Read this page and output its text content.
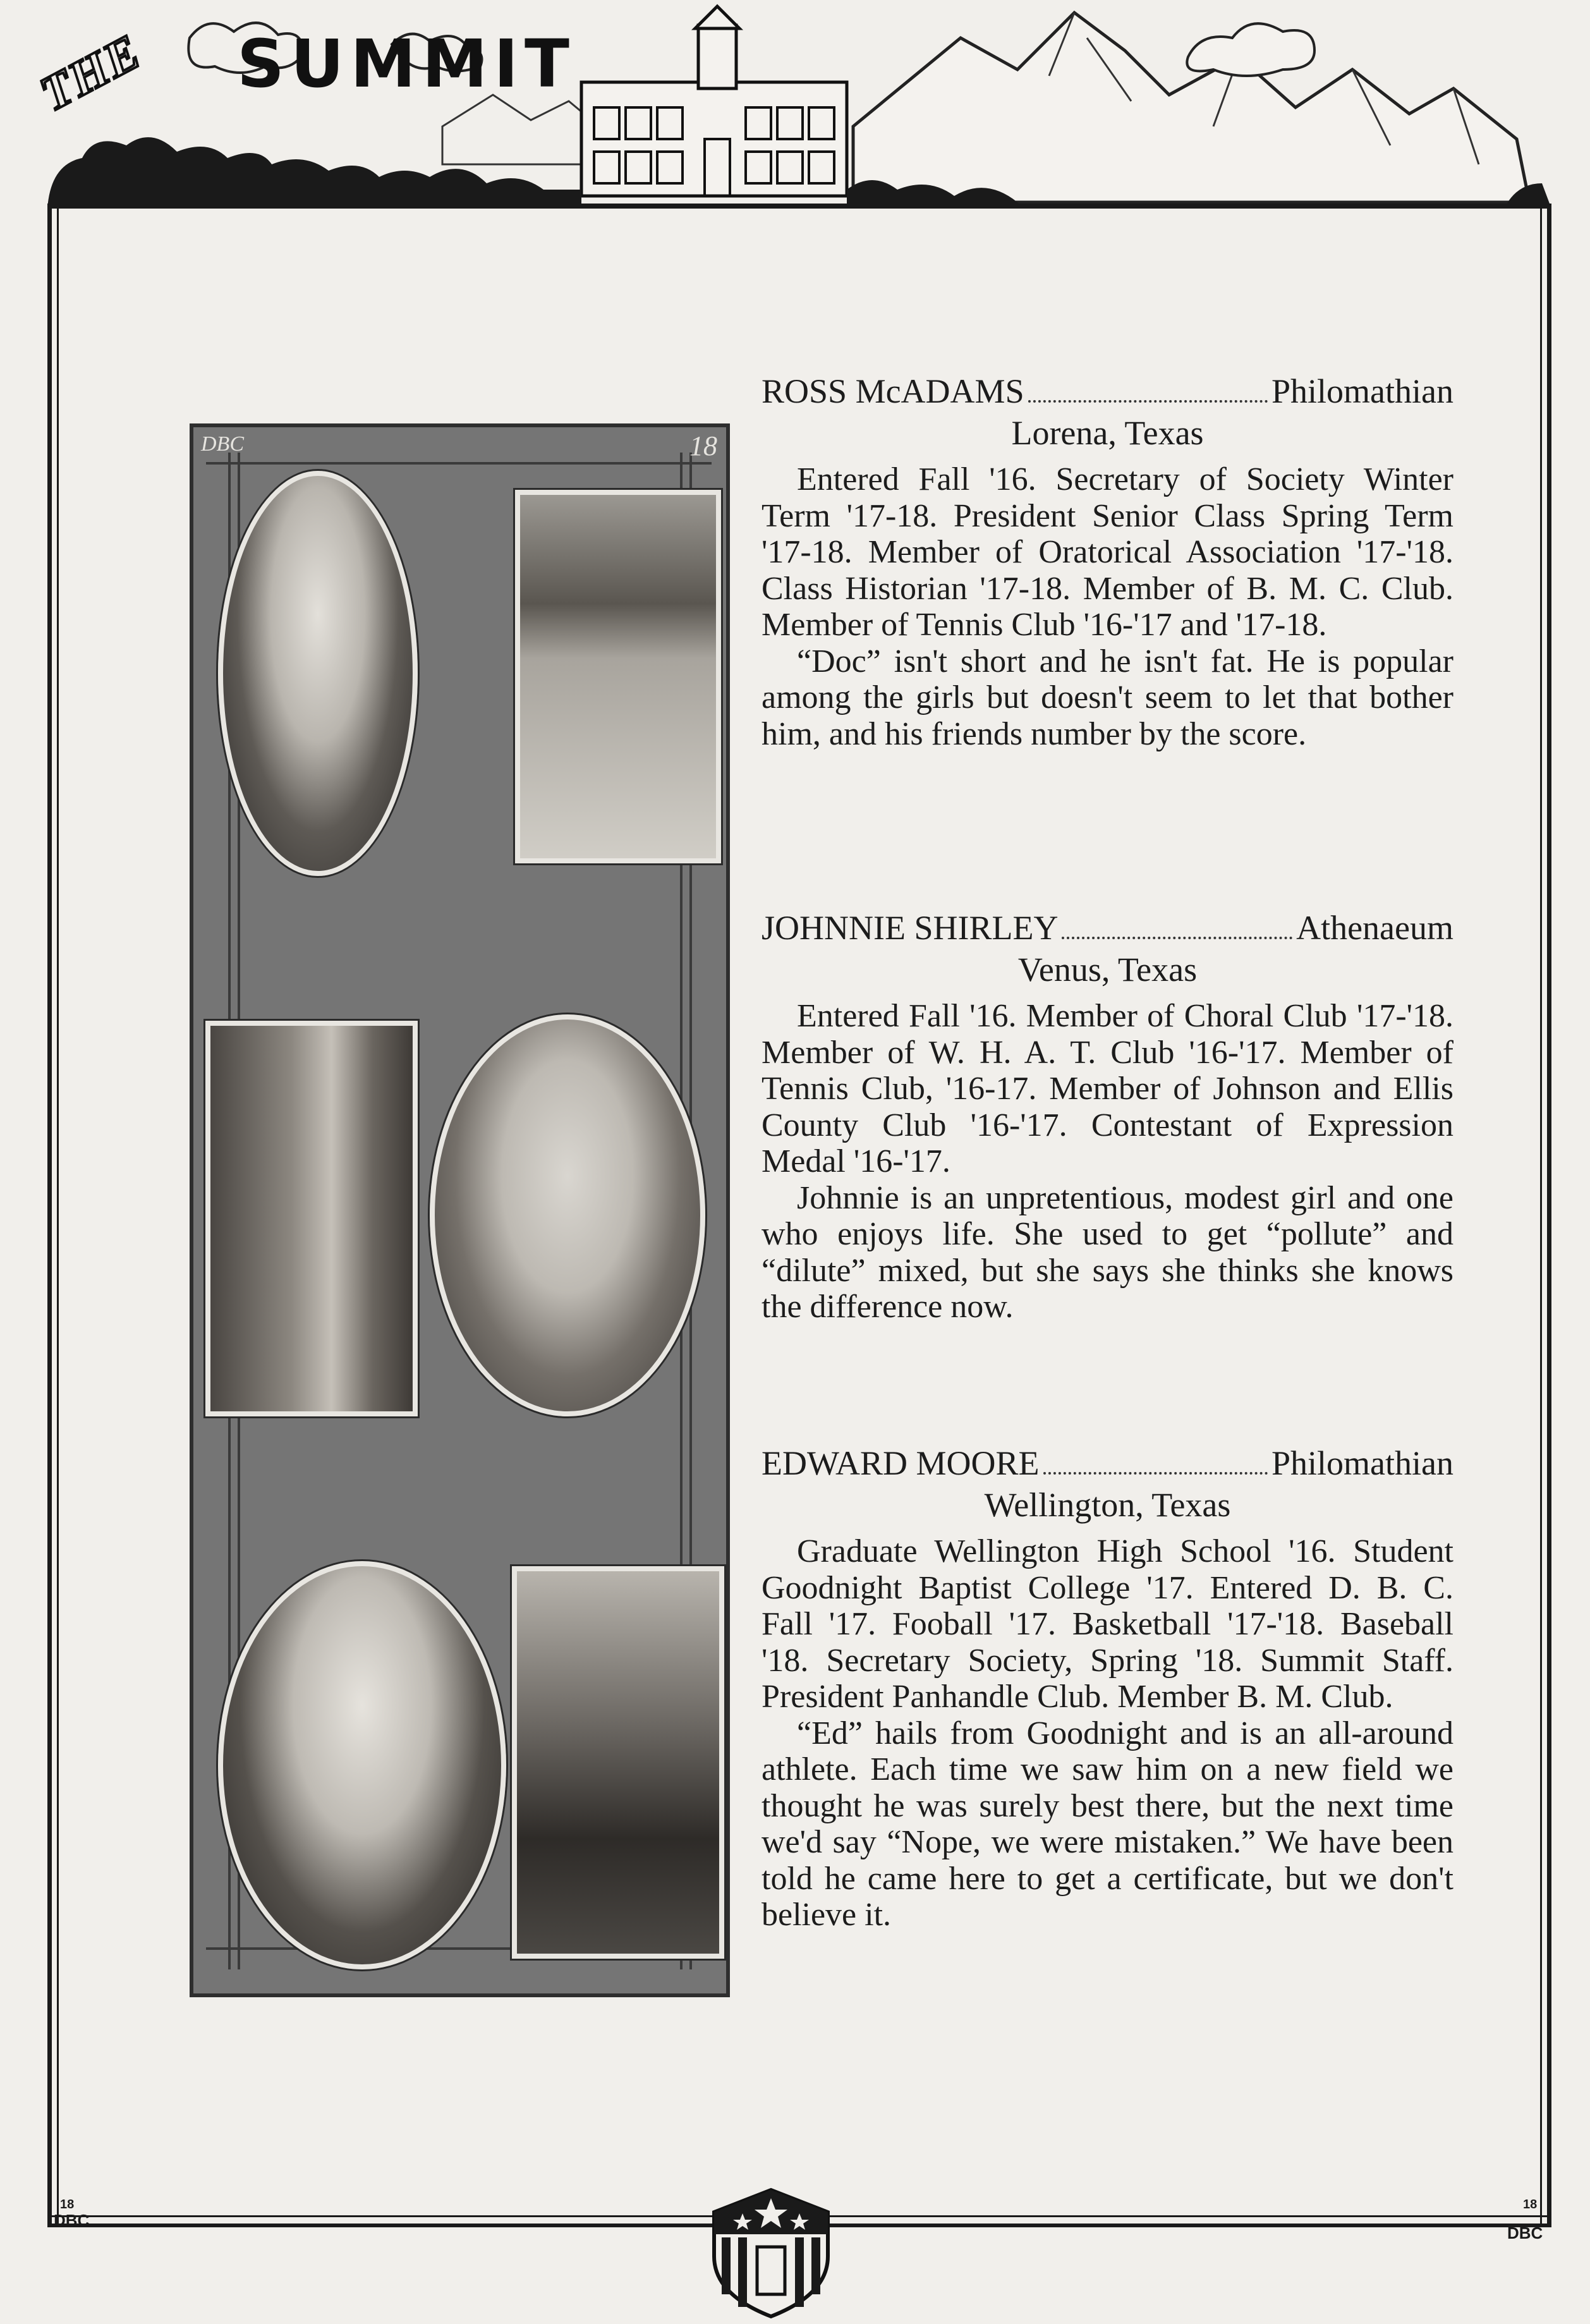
THE SUMMIT
18
DBC
18
DBC
DBC	18
ROSS McADAMS	Philomathian
Lorena, Texas

Entered Fall '16. Secretary of Society Winter Term '17-18. President Senior Class Spring Term '17-18. Member of Oratorical Association '17-'18. Class Historian '17-18. Member of B. M. C. Club. Member of Tennis Club '16-'17 and '17-18.

“Doc” isn't short and he isn't fat. He is popular among the girls but doesn't seem to let that bother him, and his friends number by the score.

JOHNNIE SHIRLEY	Athenaeum
Venus, Texas

Entered Fall '16. Member of Choral Club '17-'18. Member of W. H. A. T. Club '16-'17. Member of Tennis Club, '16-17. Member of Johnson and Ellis County Club '16-'17. Contestant of Expression Medal '16-'17.

Johnnie is an unpretentious, modest girl and one who enjoys life. She used to get “pollute” and “dilute” mixed, but she says she thinks she knows the difference now.

EDWARD MOORE	Philomathian
Wellington, Texas

Graduate Wellington High School '16. Student Goodnight Baptist College '17. Entered D. B. C. Fall '17. Fooball '17. Basketball '17-'18. Baseball '18. Secretary Society, Spring '18. Summit Staff. President Panhandle Club. Member B. M. Club.

“Ed” hails from Goodnight and is an all-around athlete. Each time we saw him on a new field we thought he was surely best there, but the next time we'd say “Nope, we were mistaken.” We have been told he came here to get a certificate, but we don't believe it.
